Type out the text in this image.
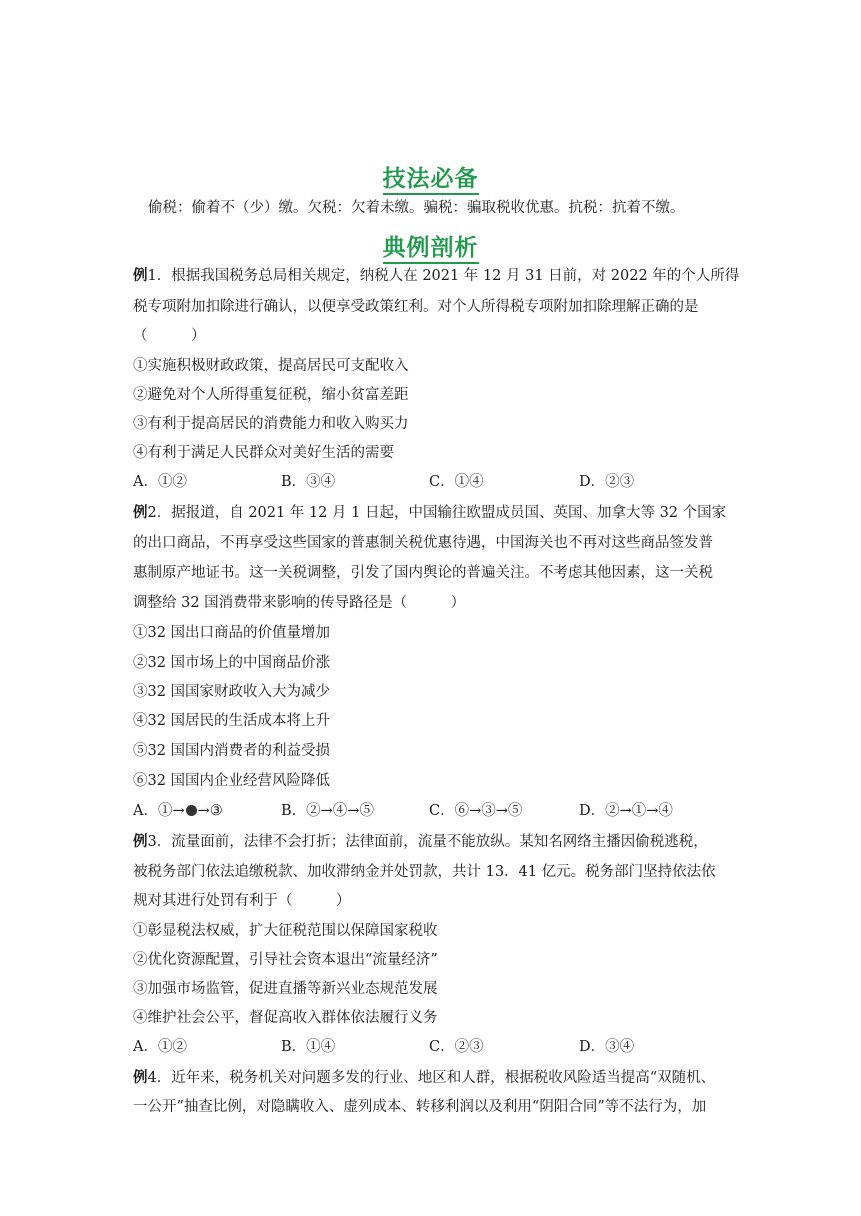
技法必备
偷税：偷着不（少）缴。欠税：欠着未缴。骗税：骗取税收优惠。抗税：抗着不缴。
典例剖析
例1．根据我国税务总局相关规定，纳税人在 2021 年 12 月 31 日前，对 2022 年的个人所得
税专项附加扣除进行确认，以便享受政策红利。对个人所得税专项附加扣除理解正确的是
（　　　）
①实施积极财政政策，提高居民可支配收入
②避免对个人所得重复征税，缩小贫富差距
③有利于提高居民的消费能力和收入购买力
④有利于满足人民群众对美好生活的需要
A．①②	B．③④	C．①④	D．②③
例2．据报道，自 2021 年 12 月 1 日起，中国输往欧盟成员国、英国、加拿大等 32 个国家
的出口商品，不再享受这些国家的普惠制关税优惠待遇，中国海关也不再对这些商品签发普
惠制原产地证书。这一关税调整，引发了国内舆论的普遍关注。不考虑其他因素，这一关税
调整给 32 国消费带来影响的传导路径是（　　　）
①32 国出口商品的价值量增加
②32 国市场上的中国商品价涨
③32 国国家财政收入大为减少
④32 国居民的生活成本将上升
⑤32 国国内消费者的利益受损
⑥32 国国内企业经营风险降低
A．①→ →③	B．②→④→⑤	C．⑥→③→⑤	D．②→①→④
例3．流量面前，法律不会打折；法律面前，流量不能放纵。某知名网络主播因偷税逃税，
被税务部门依法追缴税款、加收滞纳金并处罚款，共计 13．41 亿元。税务部门坚持依法依
规对其进行处罚有利于（　　　）
①彰显税法权威，扩大征税范围以保障国家税收
②优化资源配置，引导社会资本退出“流量经济”
③加强市场监管，促进直播等新兴业态规范发展
④维护社会公平，督促高收入群体依法履行义务
A．①②	B．①④	C．②③	D．③④
例4．近年来，税务机关对问题多发的行业、地区和人群，根据税收风险适当提高“双随机、
一公开”抽查比例，对隐瞒收入、虚列成本、转移利润以及利用“阴阳合同”等不法行为，加
